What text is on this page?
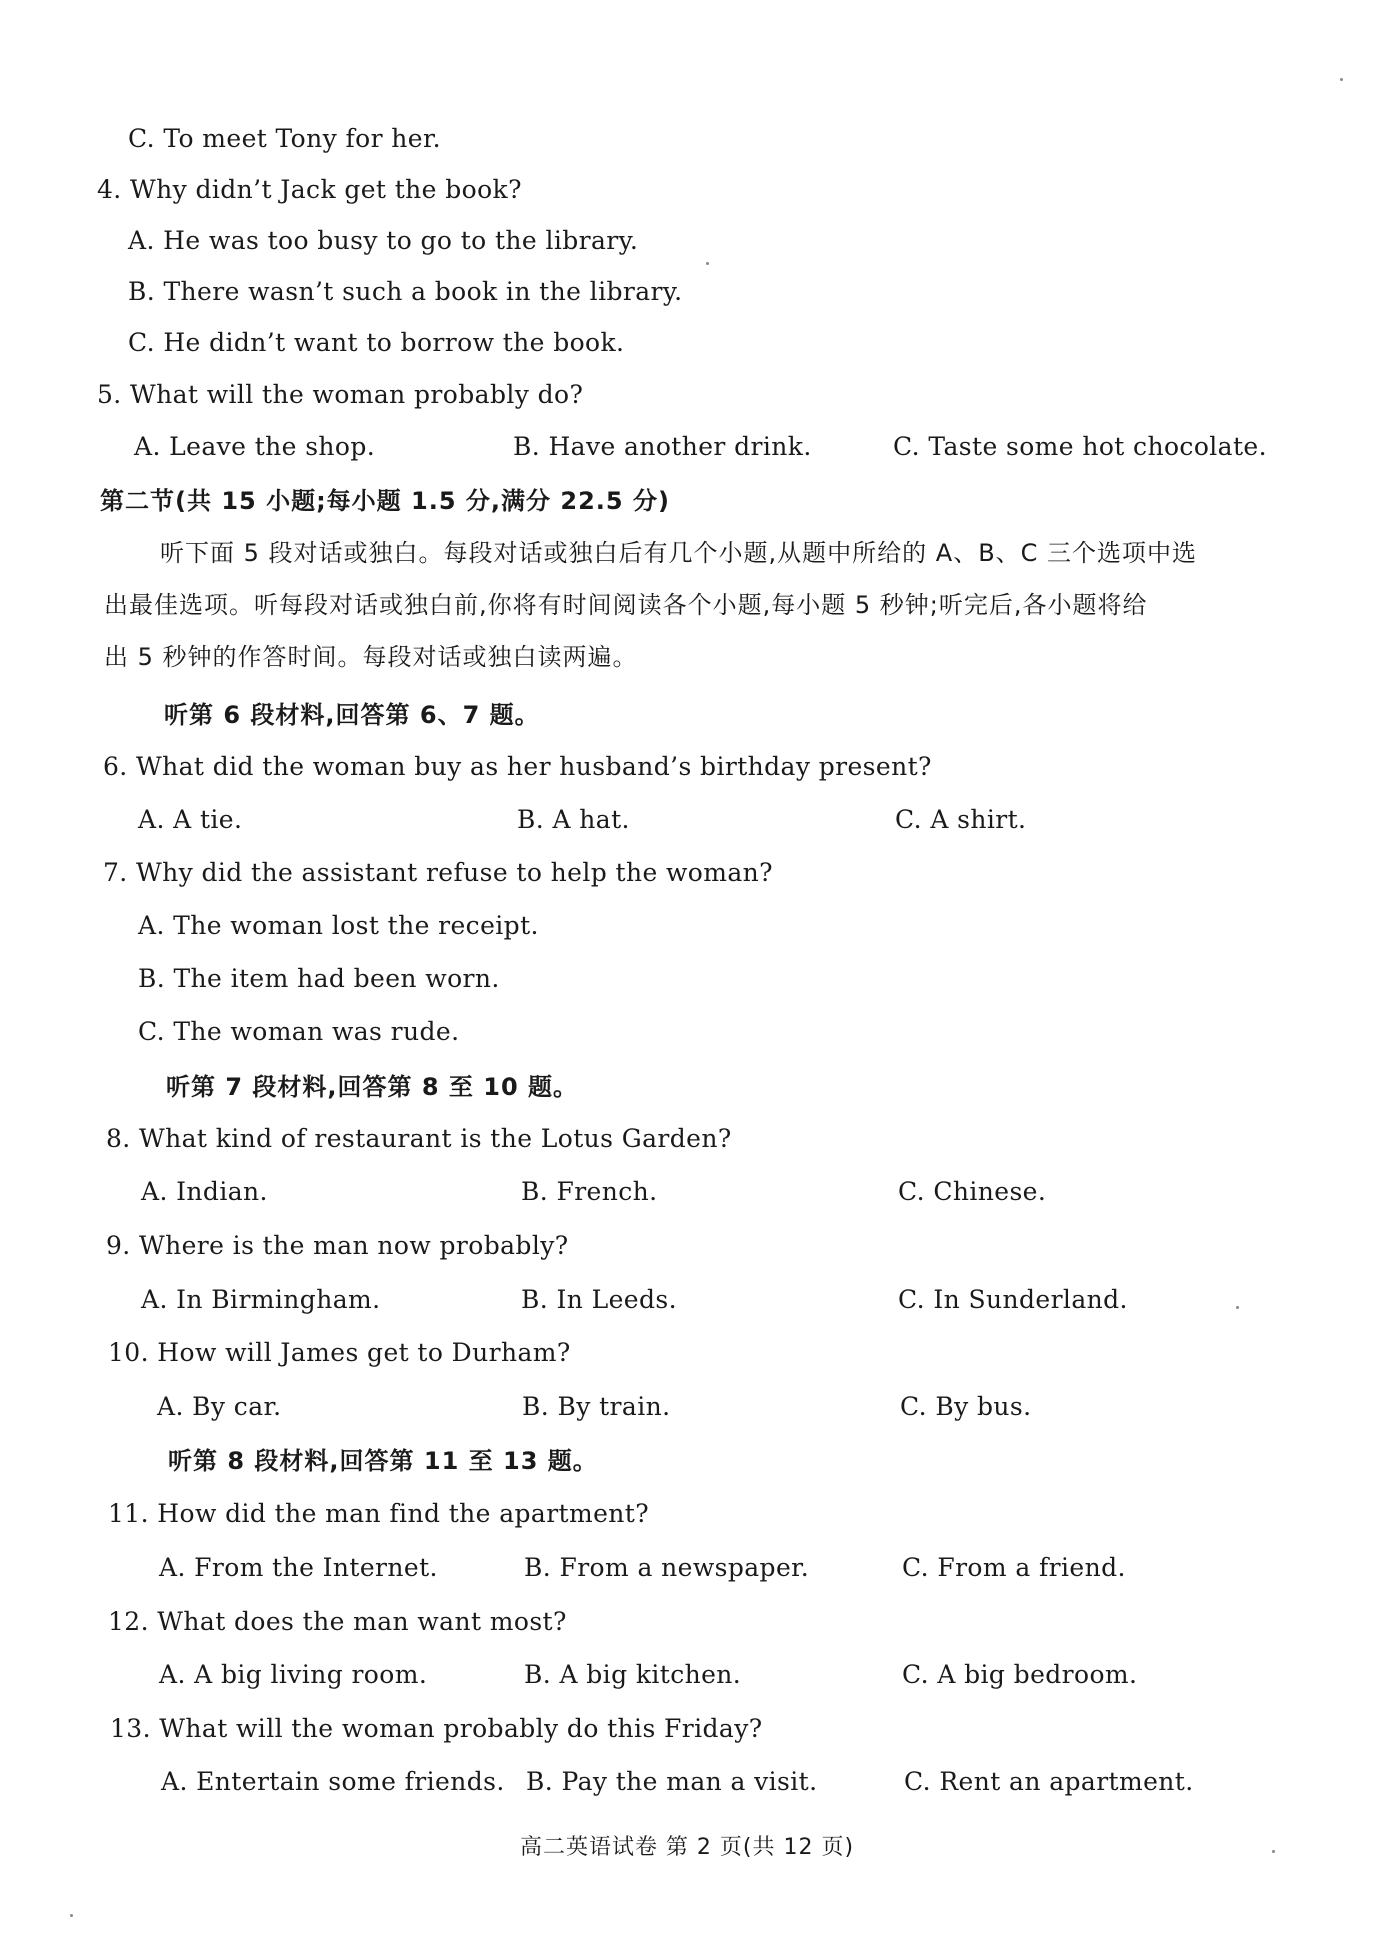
C. To meet Tony for her.
4. Why didn’t Jack get the book?
A. He was too busy to go to the library.
B. There wasn’t such a book in the library.
C. He didn’t want to borrow the book.
5. What will the woman probably do?
A. Leave the shop.	B. Have another drink.	C. Taste some hot chocolate.
第二节(共 15 小题;每小题 1.5 分,满分 22.5 分)
听下面 5 段对话或独白。每段对话或独白后有几个小题,从题中所给的 A、B、C 三个选项中选
出最佳选项。听每段对话或独白前,你将有时间阅读各个小题,每小题 5 秒钟;听完后,各小题将给
出 5 秒钟的作答时间。每段对话或独白读两遍。
听第 6 段材料,回答第 6、7 题。
6. What did the woman buy as her husband’s birthday present?
A. A tie.	B. A hat.	C. A shirt.
7. Why did the assistant refuse to help the woman?
A. The woman lost the receipt.
B. The item had been worn.
C. The woman was rude.
听第 7 段材料,回答第 8 至 10 题。
8. What kind of restaurant is the Lotus Garden?
A. Indian.	B. French.	C. Chinese.
9. Where is the man now probably?
A. In Birmingham.	B. In Leeds.	C. In Sunderland.
10. How will James get to Durham?
A. By car.	B. By train.	C. By bus.
听第 8 段材料,回答第 11 至 13 题。
11. How did the man find the apartment?
A. From the Internet.	B. From a newspaper.	C. From a friend.
12. What does the man want most?
A. A big living room.	B. A big kitchen.	C. A big bedroom.
13. What will the woman probably do this Friday?
A. Entertain some friends. B. Pay the man a visit.	C. Rent an apartment.
高二英语试卷 第 2 页(共 12 页)
